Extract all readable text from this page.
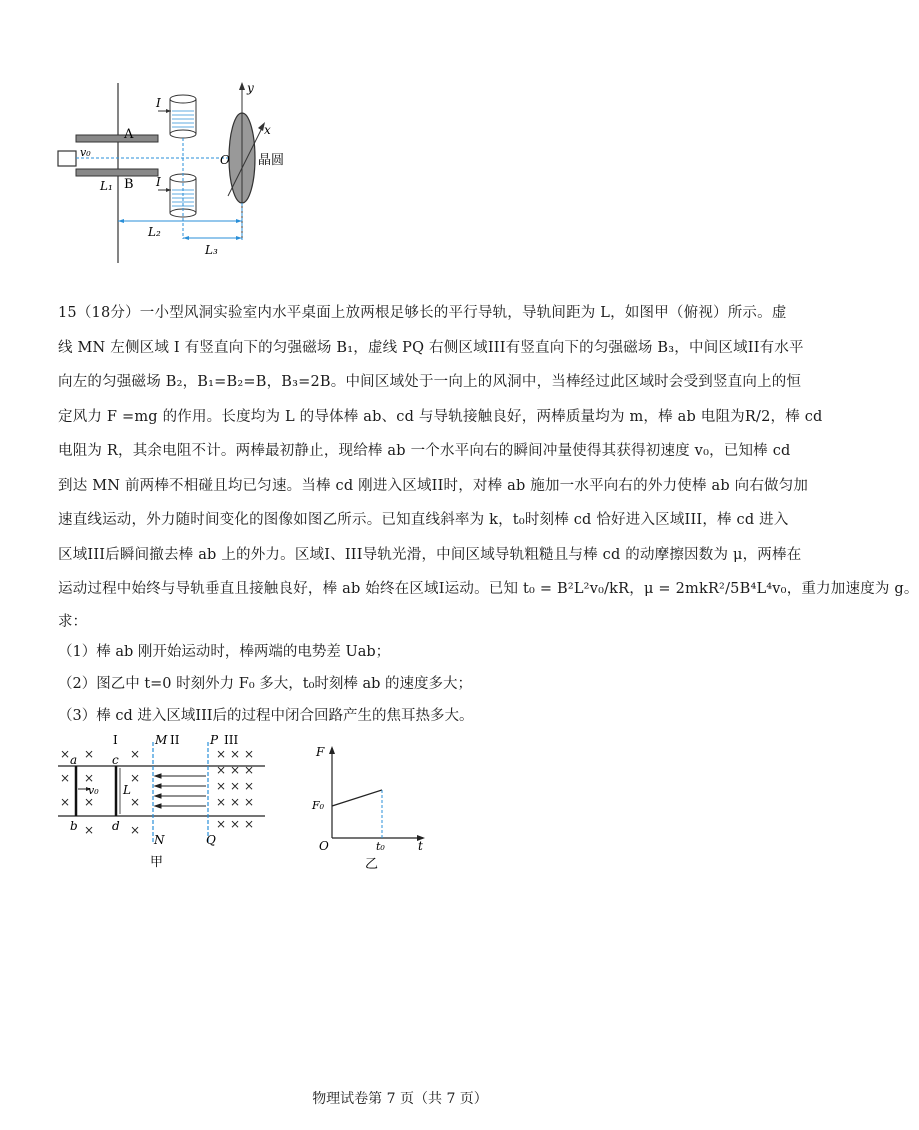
A
B
v₀
L₁
L₂
L₃
I
I
y
x
O 晶圆
15（18分）一小型风洞实验室内水平桌面上放两根足够长的平行导轨，导轨间距为 L，如图甲（俯视）所示。虚
线 MN 左侧区域 I 有竖直向下的匀强磁场 B₁，虚线 PQ 右侧区域III有竖直向下的匀强磁场 B₃，中间区域II有水平
向左的匀强磁场 B₂，B₁=B₂=B，B₃=2B。中间区域处于一向上的风洞中，当棒经过此区域时会受到竖直向上的恒
定风力 F =mg 的作用。长度均为 L 的导体棒 ab、cd 与导轨接触良好，两棒质量均为 m，棒 ab 电阻为R/2，棒 cd
电阻为 R，其余电阻不计。两棒最初静止，现给棒 ab 一个水平向右的瞬间冲量使得其获得初速度 v₀，已知棒 cd
到达 MN 前两棒不相碰且均已匀速。当棒 cd 刚进入区域II时，对棒 ab 施加一水平向右的外力使棒 ab 向右做匀加
速直线运动，外力随时间变化的图像如图乙所示。已知直线斜率为 k，t₀时刻棒 cd 恰好进入区域III，棒 cd 进入
区域III后瞬间撤去棒 ab 上的外力。区域I、III导轨光滑，中间区域导轨粗糙且与棒 cd 的动摩擦因数为 μ，两棒在
运动过程中始终与导轨垂直且接触良好，棒 ab 始终在区域I运动。已知 t₀ = B²L²v₀/kR，μ = 2mkR²/5B⁴L⁴v₀，重力加速度为 g。
求：
（1）棒 ab 刚开始运动时，棒两端的电势差 Uab；
（2）图乙中 t=0 时刻外力 F₀ 多大，t₀时刻棒 ab 的速度多大；
（3）棒 cd 进入区域III后的过程中闭合回路产生的焦耳热多大。
× ×	×
× ×	×
× ×	×
×	×
× × ×
× × ×
× × ×
× × ×
× × ×
I	M II	P III
a	c
v₀ L
b	d
N	Q
甲
F
F₀
O	t₀	t
乙
物理试卷第 7 页（共 7 页）
